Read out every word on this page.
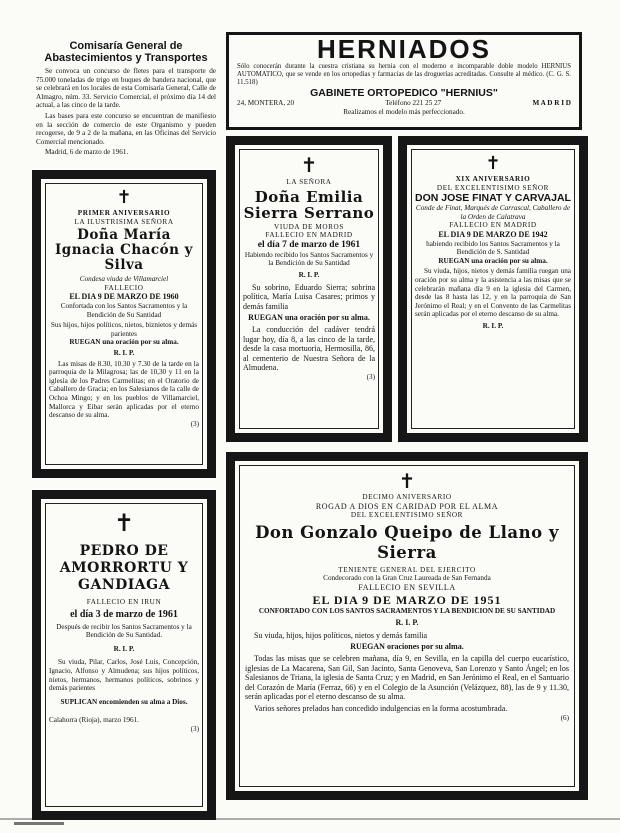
Comisaría General de Abastecimientos y Transportes

Se convoca un concurso de fletes para el transporte de 75.000 toneladas de trigo en buques de bandera nacional, que se celebrará en los locales de esta Comisaría General, Calle de Almagro, núm. 33. Servicio Comercial, el próximo día 14 del actual, a las cinco de la tarde.

Las bases para este concurso se encuentran de manifiesto en la sección de comercio de este Organismo y pueden recogerse, de 9 a 2 de la mañana, en las Oficinas del Servicio Comercial mencionado.

Madrid, 6 de marzo de 1961.

HERNIADOS
Sólo conocerán durante la cuestra cristiana su hernia con el moderno e incomparable doble modelo HERNIUS AUTOMATICO, que se vende en los ortopedias y farmacias de las droguerías acreditadas. Consulte al médico. (C. G. S. 11.518)
GABINETE ORTOPEDICO "HERNIUS"
24, MONTERA, 20	Teléfono 221 25 27	M A D R I D
Realizamos el modelo más perfeccionado.
✝
PRIMER ANIVERSARIO
LA ILUSTRISIMA SEÑORA
Doña María Ignacia Chacón y Silva
Condesa viuda de Villamarciel
FALLECIO
EL DIA 9 DE MARZO DE 1960
Confortada con los Santos Sacramentos y la Bendición de Su Santidad
Sus hijos, hijos políticos, nietos, biznietos y demás parientes
RUEGAN una oración por su alma.
R. I. P.
Las misas de 8.30, 10.30 y 7.30 de la tarde en la parroquia de la Milagrosa; las de 10,30 y 11 en la iglesia de los Padres Carmelitas; en el Oratorio de Caballero de Gracia; en los Salesianos de la calle de Ochoa Mingo; y en los pueblos de Villamarciel, Mallorca y Eibar serán aplicadas por el eterno descanso de su alma.
(3)
✝
LA SEÑORA
Doña Emilia Sierra Serrano
VIUDA DE MOROS
FALLECIO EN MADRID
el día 7 de marzo de 1961
Habiendo recibido los Santos Sacramentos y la Bendición de Su Santidad
R. I. P.
Su sobrino, Eduardo Sierra; sobrina política, María Luisa Casares; primos y demás familia
RUEGAN una oración por su alma.
La conducción del cadáver tendrá lugar hoy, día 8, a las cinco de la tarde, desde la casa mortuoria, Hermosilla, 86, al cementerio de Nuestra Señora de la Almudena.
(3)
✝
XIX ANIVERSARIO
DEL EXCELENTISIMO SEÑOR
DON JOSE FINAT Y CARVAJAL
Conde de Finat, Marqués de Carrascal, Caballero de la Orden de Calatrava
FALLECIO EN MADRID
EL DIA 9 DE MARZO DE 1942
habiendo recibido los Santos Sacramentos y la Bendición de S. Santidad
RUEGAN una oración por su alma.
Su viuda, hijos, nietos y demás familia ruegan una oración por su alma y la asistencia a las misas que se celebrarán mañana día 9 en la iglesia del Carmen, desde las 8 hasta las 12, y en la parroquia de San Jerónimo el Real; y en el Convento de las Carmelitas serán aplicadas por el eterno descanso de su alma.
R. I. P.
✝
PEDRO DE AMORRORTU Y GANDIAGA
FALLECIO EN IRUN
el día 3 de marzo de 1961
Después de recibir los Santos Sacramentos y la Bendición de Su Santidad.
R. I. P.
Su viuda, Pilar, Carlos, José Luis, Concepción, Ignacio, Alfonso y Almudena; sus hijos políticos, nietos, hermanos, hermanos políticos, sobrinos y demás parientes
SUPLICAN encomienden su alma a Dios.
Calahorra (Rioja), marzo 1961.
(3)
✝
DECIMO ANIVERSARIO
ROGAD A DIOS EN CARIDAD POR EL ALMA
DEL EXCELENTISIMO SEÑOR
Don Gonzalo Queipo de Llano y Sierra
TENIENTE GENERAL DEL EJERCITO
Condecorado con la Gran Cruz Laureada de San Fernanda
FALLECIO EN SEVILLA
EL DIA 9 DE MARZO DE 1951
CONFORTADO CON LOS SANTOS SACRAMENTOS Y LA BENDICION DE SU SANTIDAD
R. I. P.
Su viuda, hijos, hijos políticos, nietos y demás familia
RUEGAN oraciones por su alma.
Todas las misas que se celebren mañana, día 9, en Sevilla, en la capilla del cuerpo eucarístico, iglesias de La Macarena, San Gil, San Jacinto, Santa Genoveva, San Lorenzo y Santo Ángel; en los Salesianos de Triana, la iglesia de Santa Cruz; y en Madrid, en San Jerónimo el Real, en el Santuario del Corazón de María (Ferraz, 66) y en el Colegio de la Asunción (Velázquez, 88), las de 9 y 11.30, serán aplicadas por el eterno descanso de su alma.
Varios señores prelados han concedido indulgencias en la forma acostumbrada.
(6)
